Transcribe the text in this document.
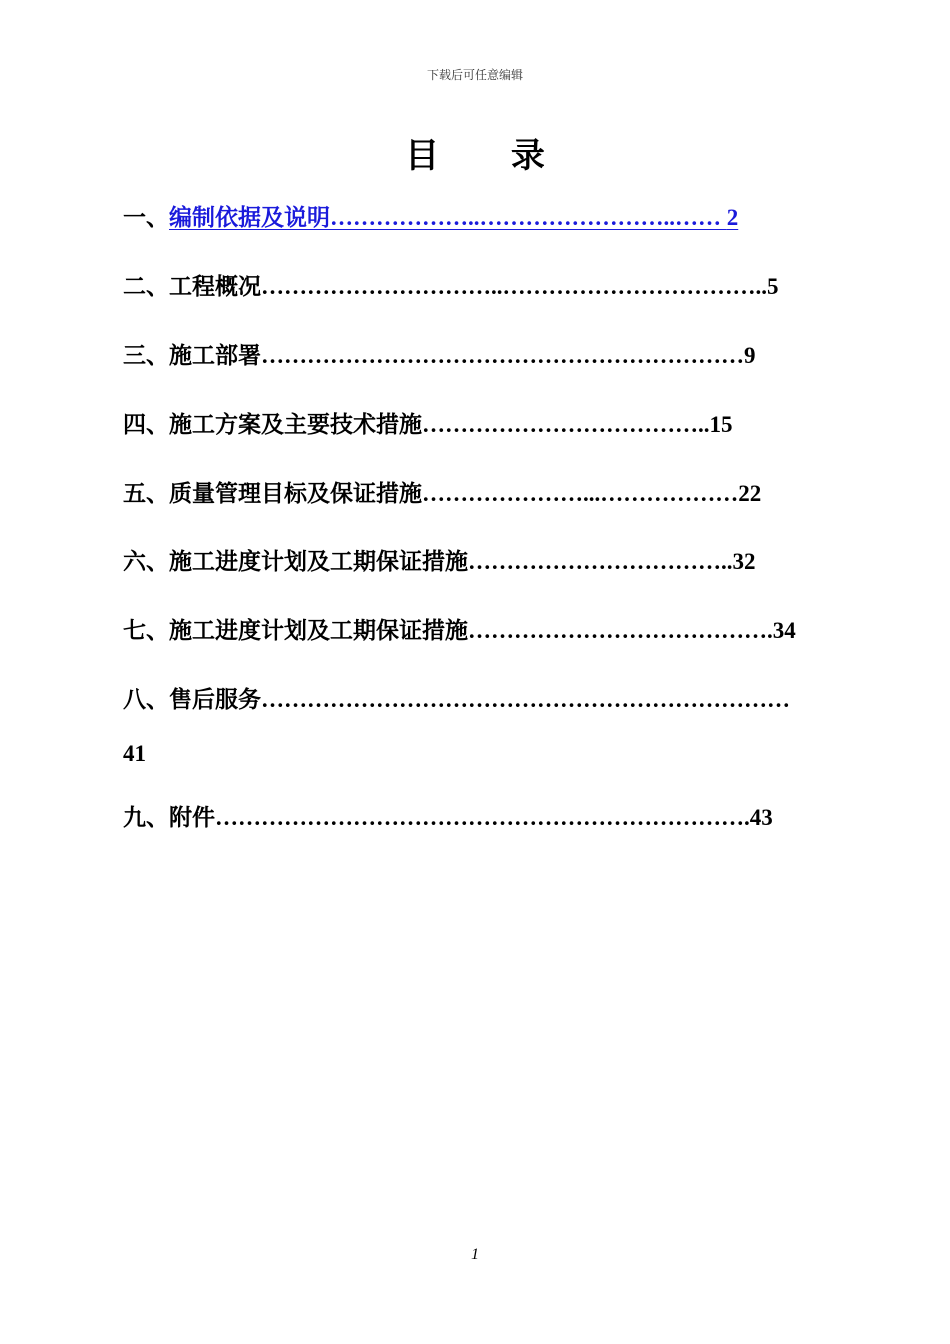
下载后可任意编辑
目 录
一、编制依据及说明………………..……………………..…… 2
二、工程概况…………………………..……………………………..5
三、施工部署………………………………………………………9
四、施工方案及主要技术措施………………………………..15
五、质量管理目标及保证措施…………………...………………22
六、施工进度计划及工期保证措施……………………………..32
七、施工进度计划及工期保证措施………………………………….34
八、售后服务……………………………………………………………
41
九、附件…………………………………………………………….43
1
